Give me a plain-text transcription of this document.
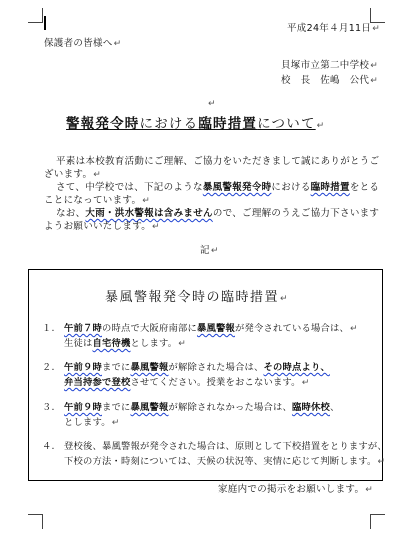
平成24年４月11日↵
保護者の皆様へ↵
貝塚市立第二中学校↵
校　長　佐嶋　公代↵
↵
警報発令時における臨時措置について↵
平素は本校教育活動にご理解、ご協力をいただきまして誠にありがとうご
ざいます。↵
さて、中学校では、下記のような暴風警報発令時における臨時措置をとる
ことになっています。↵
なお、大雨・洪水警報は含みませんので、ご理解のうえご協力下さいます
ようお願いいたします。↵
記↵
暴風警報発令時の臨時措置↵
１. 午前７時の時点で大阪府南部に暴風警報が発令されている場合は、↵
生徒は自宅待機とします。↵
２. 午前９時までに暴風警報が解除された場合は、その時点より、
弁当持参で登校させてください。授業をおこないます。↵
３. 午前９時までに暴風警報が解除されなかった場合は、臨時休校、
とします。↵
４. 登校後、暴風警報が発令された場合は、原則として下校措置をとりますが、
下校の方法・時刻については、天候の状況等、実情に応じて判断します。↵
家庭内での掲示をお願いします。↵
